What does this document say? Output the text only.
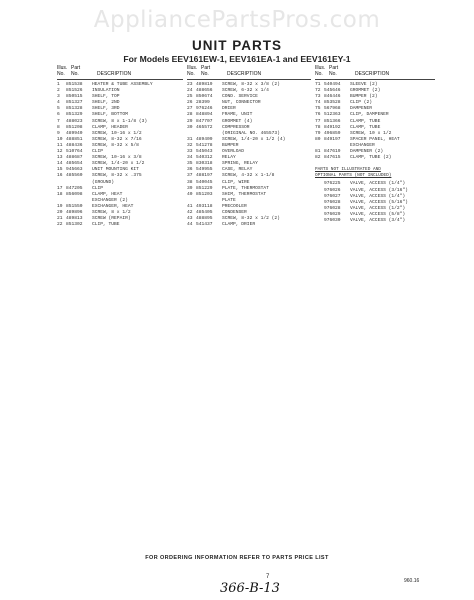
AppliancePartsPros.com
UNIT PARTS
For Models EEV161EW-1, EEV161EA-1 and EEV161EY-1
Illus.
No.
Part
No.	DESCRIPTION
1 851538 HEATER & TUBE ASSEMBLY
2 851526 INSULATION
3 850515 SHELF, TOP
4 851327 SHELF, 2ND
5 851328 SHELF, 3RD
6 851329 SHELF, BOTTOM
7 488023 SCREW, 8 x 1-1/8 (3)
8 851208 CLAMP, HEADER
9 489940 SCREW, 10-16 x 1/2
10 488851 SCREW, 8-32 x 7/16
11 488436 SCREW, 8-32 x 5/8
12 510764 CLIP
13 488687 SCREW, 10-16 x 3/8
14 485654 SCREW, 1/4-20 x 1/2
15 945663 UNIT MOUNTING KIT
16 485560 SCREW, 8-32 x .375
(GROUND)
17 847205 CLIP
18 856098 CLAMP, HEAT
EXCHANGER (2)
19 851550 EXCHANGER, HEAT
20 489896 SCREW, 8 x 1/2
21 489813 SCREW (REPAIR)
22 851302 CLIP, TUBE
Illus.
No.
Part
No.	DESCRIPTION
23 489819 SCREW, 8-32 x 3/8 (2)
24 488656 SCREW, 6-32 x 1/4
25 850674 COND. SERVICE
26 28399	NUT, CONNECTOR
27 976246 DRIER
28 848894 FRAME, UNIT
29 847707 GROMMET (4)
30 465572 COMPRESSOR
(ORIGINAL NO. 465573)
31 489409 SCREW, 1/4-20 x 1/2 (4)
32 541278 BUMPER
33 545043 OVERLOAD
34 540312 RELAY
35 830318 SPRING, RELAY
36 549955 CASE, RELAY
37 488197 SCREW, 4-32 x 1-1/8
38 540045 CLIP, WIRE
39 851229 PLATE, THERMOSTAT
40 851203 SHIM, THERMOSTAT
PLATE
41 493118 PRECOOLER
42 485405 CONDENSER
43 488895 SCREW, 8-32 x 1/2 (2)
44 541437 CLAMP, DRIER
Illus.
No.
Part
No.	DESCRIPTION
71 540494 SLEEVE (2)
72 545646 GROMMET (2)
73 846446 BUMPER (2)
74 853528 CLIP (2)
75 567968 DAMPENER
76 512363 CLIP, DAMPENER
77 851366 CLAMP, TUBE
78 849192 CLAMP, TUBE
79 496859 SCREW, 10 x 1/2
80 849197 SPACER PANEL, HEAT
EXCHANGER
81 847619 DAMPENER (2)
82 847615 CLAMP, TUBE (2)
PARTS NOT ILLUSTRATED AND
OPTIONAL PARTS (NOT INCLUDED)
976225 VALVE, ACCESS (1/4")
976026 VALVE, ACCESS (3/16")
976027 VALVE, ACCESS (1/4")
976028 VALVE, ACCESS (5/16")
976028 VALVE, ACCESS (1/2")
976029 VALVE, ACCESS (5/8")
976030 VALVE, ACCESS (3/4")
FOR ORDERING INFORMATION REFER TO PARTS PRICE LIST
7
366-B-13	960.16
